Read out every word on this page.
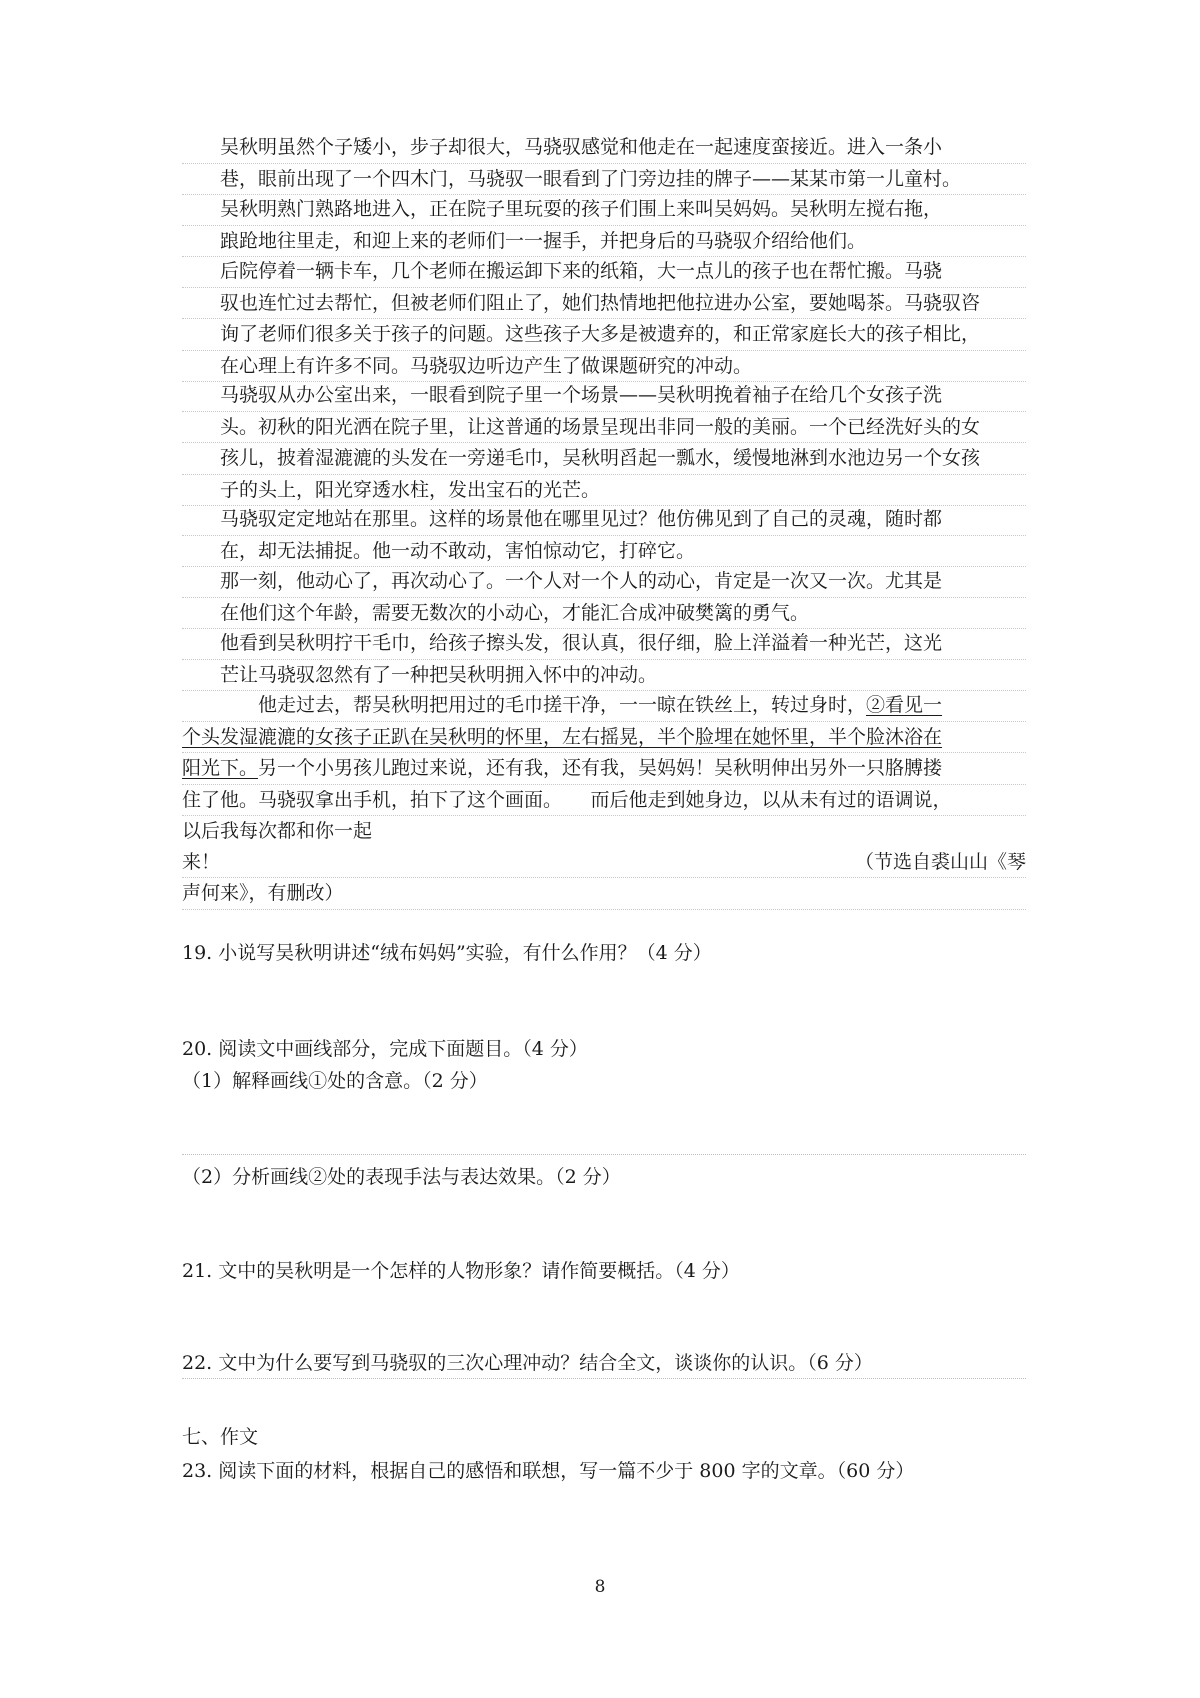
吴秋明虽然个子矮小，步子却很大，马骁驭感觉和他走在一起速度蛮接近。进入一条小
巷，眼前出现了一个四木门，马骁驭一眼看到了门旁边挂的牌子——某某市第一儿童村。
吴秋明熟门熟路地进入，正在院子里玩耍的孩子们围上来叫吴妈妈。吴秋明左搅右拖，
踉跄地往里走，和迎上来的老师们一一握手，并把身后的马骁驭介绍给他们。
后院停着一辆卡车，几个老师在搬运卸下来的纸箱，大一点儿的孩子也在帮忙搬。马骁
驭也连忙过去帮忙，但被老师们阻止了，她们热情地把他拉进办公室，要她喝茶。马骁驭咨
询了老师们很多关于孩子的问题。这些孩子大多是被遗弃的，和正常家庭长大的孩子相比，
在心理上有许多不同。马骁驭边听边产生了做课题研究的冲动。
马骁驭从办公室出来，一眼看到院子里一个场景——吴秋明挽着袖子在给几个女孩子洗
头。初秋的阳光洒在院子里，让这普通的场景呈现出非同一般的美丽。一个已经洗好头的女
孩儿，披着湿漉漉的头发在一旁递毛巾，吴秋明舀起一瓢水，缓慢地淋到水池边另一个女孩
子的头上，阳光穿透水柱，发出宝石的光芒。
马骁驭定定地站在那里。这样的场景他在哪里见过？他仿佛见到了自己的灵魂，随时都
在，却无法捕捉。他一动不敢动，害怕惊动它，打碎它。
那一刻，他动心了，再次动心了。一个人对一个人的动心，肯定是一次又一次。尤其是
在他们这个年龄，需要无数次的小动心，才能汇合成冲破樊篱的勇气。
他看到吴秋明拧干毛巾，给孩子擦头发，很认真，很仔细，脸上洋溢着一种光芒，这光
芒让马骁驭忽然有了一种把吴秋明拥入怀中的冲动。
他走过去，帮吴秋明把用过的毛巾搓干净，一一晾在铁丝上，转过身时，②看见一
个头发湿漉漉的女孩子正趴在吴秋明的怀里，左右摇晃，半个脸埋在她怀里，半个脸沐浴在
阳光下。另一个小男孩儿跑过来说，还有我，还有我，吴妈妈！吴秋明伸出另外一只胳膊搂
住了他。马骁驭拿出手机，拍下了这个画面。　　而后他走到她身边，以从未有过的语调说，
以后我每次都和你一起
来！	（节选自裘山山《琴
声何来》，有删改）
19. 小说写吴秋明讲述“绒布妈妈”实验，有什么作用？（4 分）
20. 阅读文中画线部分，完成下面题目。（4 分）
（1）解释画线①处的含意。（2 分）
（2）分析画线②处的表现手法与表达效果。（2 分）
21. 文中的吴秋明是一个怎样的人物形象？请作简要概括。（4 分）
22. 文中为什么要写到马骁驭的三次心理冲动？结合全文，谈谈你的认识。（6 分）
七、作文
23. 阅读下面的材料，根据自己的感悟和联想，写一篇不少于 800 字的文章。（60 分）
8
